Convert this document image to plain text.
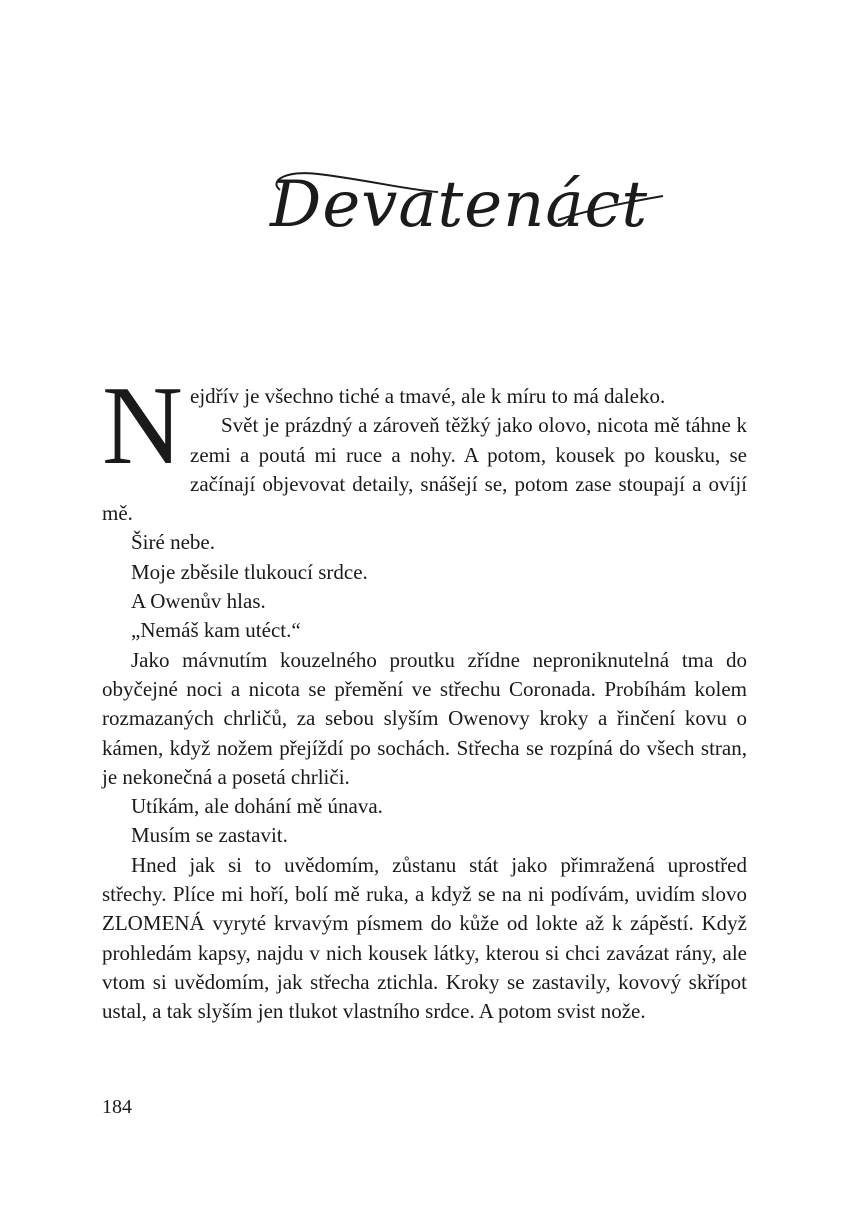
Devatenáct
N ejdřív je všechno tiché a tmavé, ale k míru to má daleko.

Svět je prázdný a zároveň těžký jako olovo, nicota mě táhne k zemi a poutá mi ruce a nohy. A potom, kousek po kousku, se začínají objevovat detaily, snášejí se, potom zase stoupají a ovíjí mě.

Širé nebe.

Moje zběsile tlukoucí srdce.

A Owenův hlas.

„Nemáš kam utéct.“

Jako mávnutím kouzelného proutku zřídne neproniknutelná tma do obyčejné noci a nicota se přemění ve střechu Coronada. Probíhám kolem rozmazaných chrličů, za sebou slyším Owenovy kroky a řinčení kovu o kámen, když nožem přejíždí po sochách. Střecha se rozpíná do všech stran, je nekonečná a posetá chrliči.

Utíkám, ale dohání mě únava.

Musím se zastavit.

Hned jak si to uvědomím, zůstanu stát jako přimražená uprostřed střechy. Plíce mi hoří, bolí mě ruka, a když se na ni podívám, uvidím slovo ZLOMENÁ vyryté krvavým písmem do kůže od lokte až k zápěstí. Když prohledám kapsy, najdu v nich kousek látky, kterou si chci zavázat rány, ale vtom si uvědomím, jak střecha ztichla. Kroky se zastavily, kovový skřípot ustal, a tak slyším jen tlukot vlastního srdce. A potom svist nože.

184
